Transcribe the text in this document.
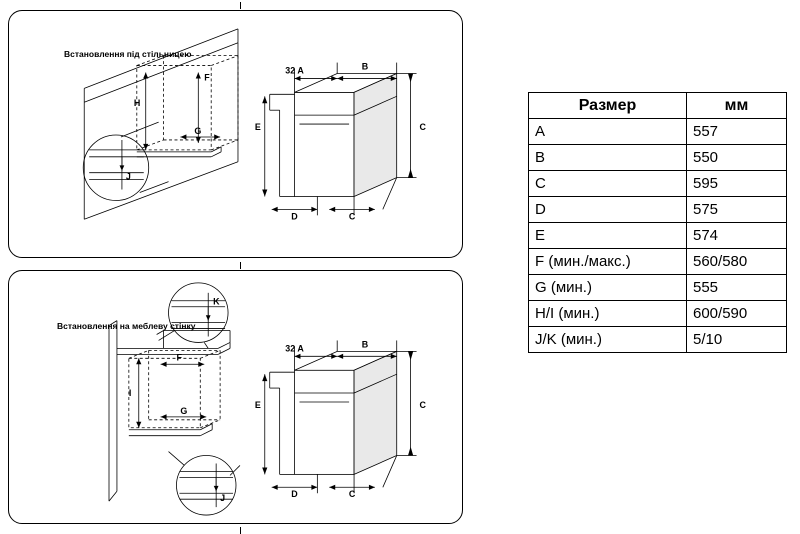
Встановлення під стільницею
32 A	B
C
E
D	C
F
H
G
J
Встановлення на меблеву стінку
32 A	B
C
E
D	C
F
I
G
K
J
Размер	мм
A	557
B	550
C	595
D	575
E	574
F (мин./макс.)	560/580
G (мин.)	555
H/I (мин.)	600/590
J/K (мин.)	5/10
